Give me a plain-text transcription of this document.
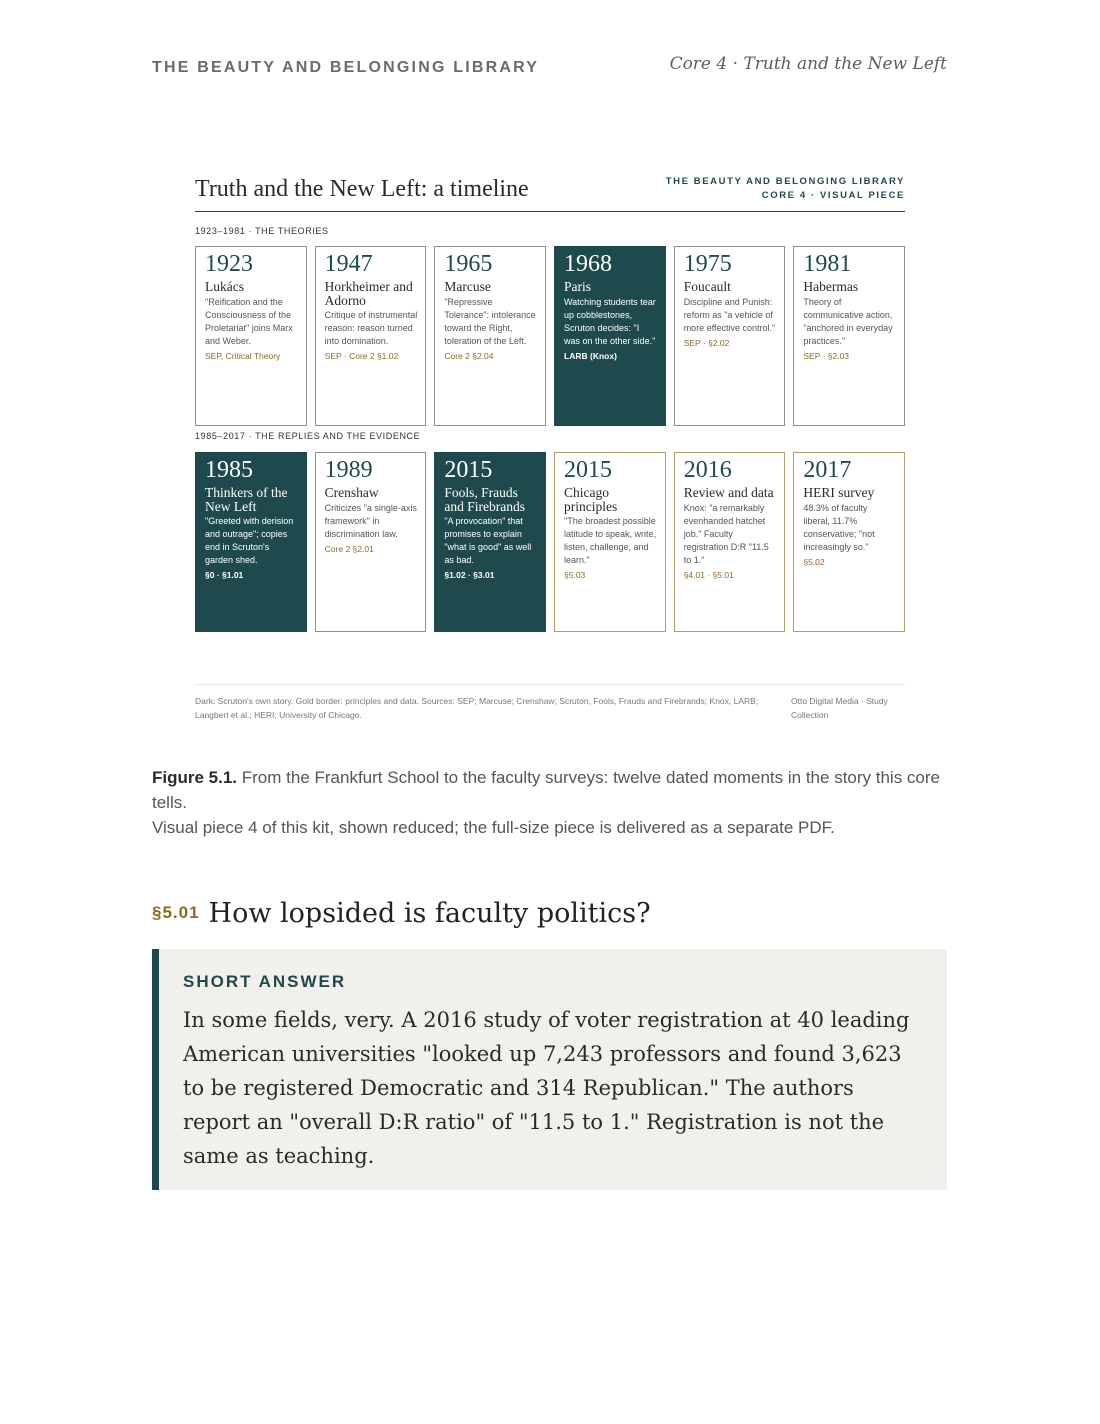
THE BEAUTY AND BELONGING LIBRARY	Core 4 · Truth and the New Left
Truth and the New Left: a timeline	THE BEAUTY AND BELONGING LIBRARY
CORE 4 · VISUAL PIECE
1923–1981 · THE THEORIES
1923
Lukács
"Reification and the Consciousness of the Proletariat" joins Marx and Weber.
SEP, Critical Theory
1947
Horkheimer and Adorno
Critique of instrumental reason: reason turned into domination.
SEP · Core 2 §1.02
1965
Marcuse
"Repressive Tolerance": intolerance toward the Right, toleration of the Left.
Core 2 §2.04
1968
Paris
Watching students tear up cobblestones, Scruton decides: "I was on the other side."
LARB (Knox)
1975
Foucault
Discipline and Punish: reform as "a vehicle of more effective control."
SEP · §2.02
1981
Habermas
Theory of communicative action, "anchored in everyday practices."
SEP · §2.03
1985–2017 · THE REPLIES AND THE EVIDENCE
1985
Thinkers of the New Left
"Greeted with derision and outrage"; copies end in Scruton's garden shed.
§0 · §1.01
1989
Crenshaw
Criticizes "a single-axis framework" in discrimination law.
Core 2 §2.01
2015
Fools, Frauds and Firebrands
"A provocation" that promises to explain "what is good" as well as bad.
§1.02 · §3.01
2015
Chicago principles
"The broadest possible latitude to speak, write, listen, challenge, and learn."
§5.03
2016
Review and data
Knox: "a remarkably evenhanded hatchet job." Faculty registration D:R "11.5 to 1."
§4.01 · §5.01
2017
HERI survey
48.3% of faculty liberal, 11.7% conservative; "not increasingly so."
§5.02
Dark: Scruton's own story. Gold border: principles and data. Sources: SEP; Marcuse; Crenshaw; Scruton, Fools, Frauds and Firebrands; Knox, LARB; Langbert et al.; HERI; University of Chicago.
Otto Digital Media · Study Collection
Figure 5.1. From the Frankfurt School to the faculty surveys: twelve dated moments in the story this core tells.
Visual piece 4 of this kit, shown reduced; the full-size piece is delivered as a separate PDF.
§5.01 How lopsided is faculty politics?
SHORT ANSWER
In some fields, very. A 2016 study of voter registration at 40 leading American universities "looked up 7,243 professors and found 3,623 to be registered Democratic and 314 Republican." The authors report an "overall D:R ratio" of "11.5 to 1." Registration is not the same as teaching.
